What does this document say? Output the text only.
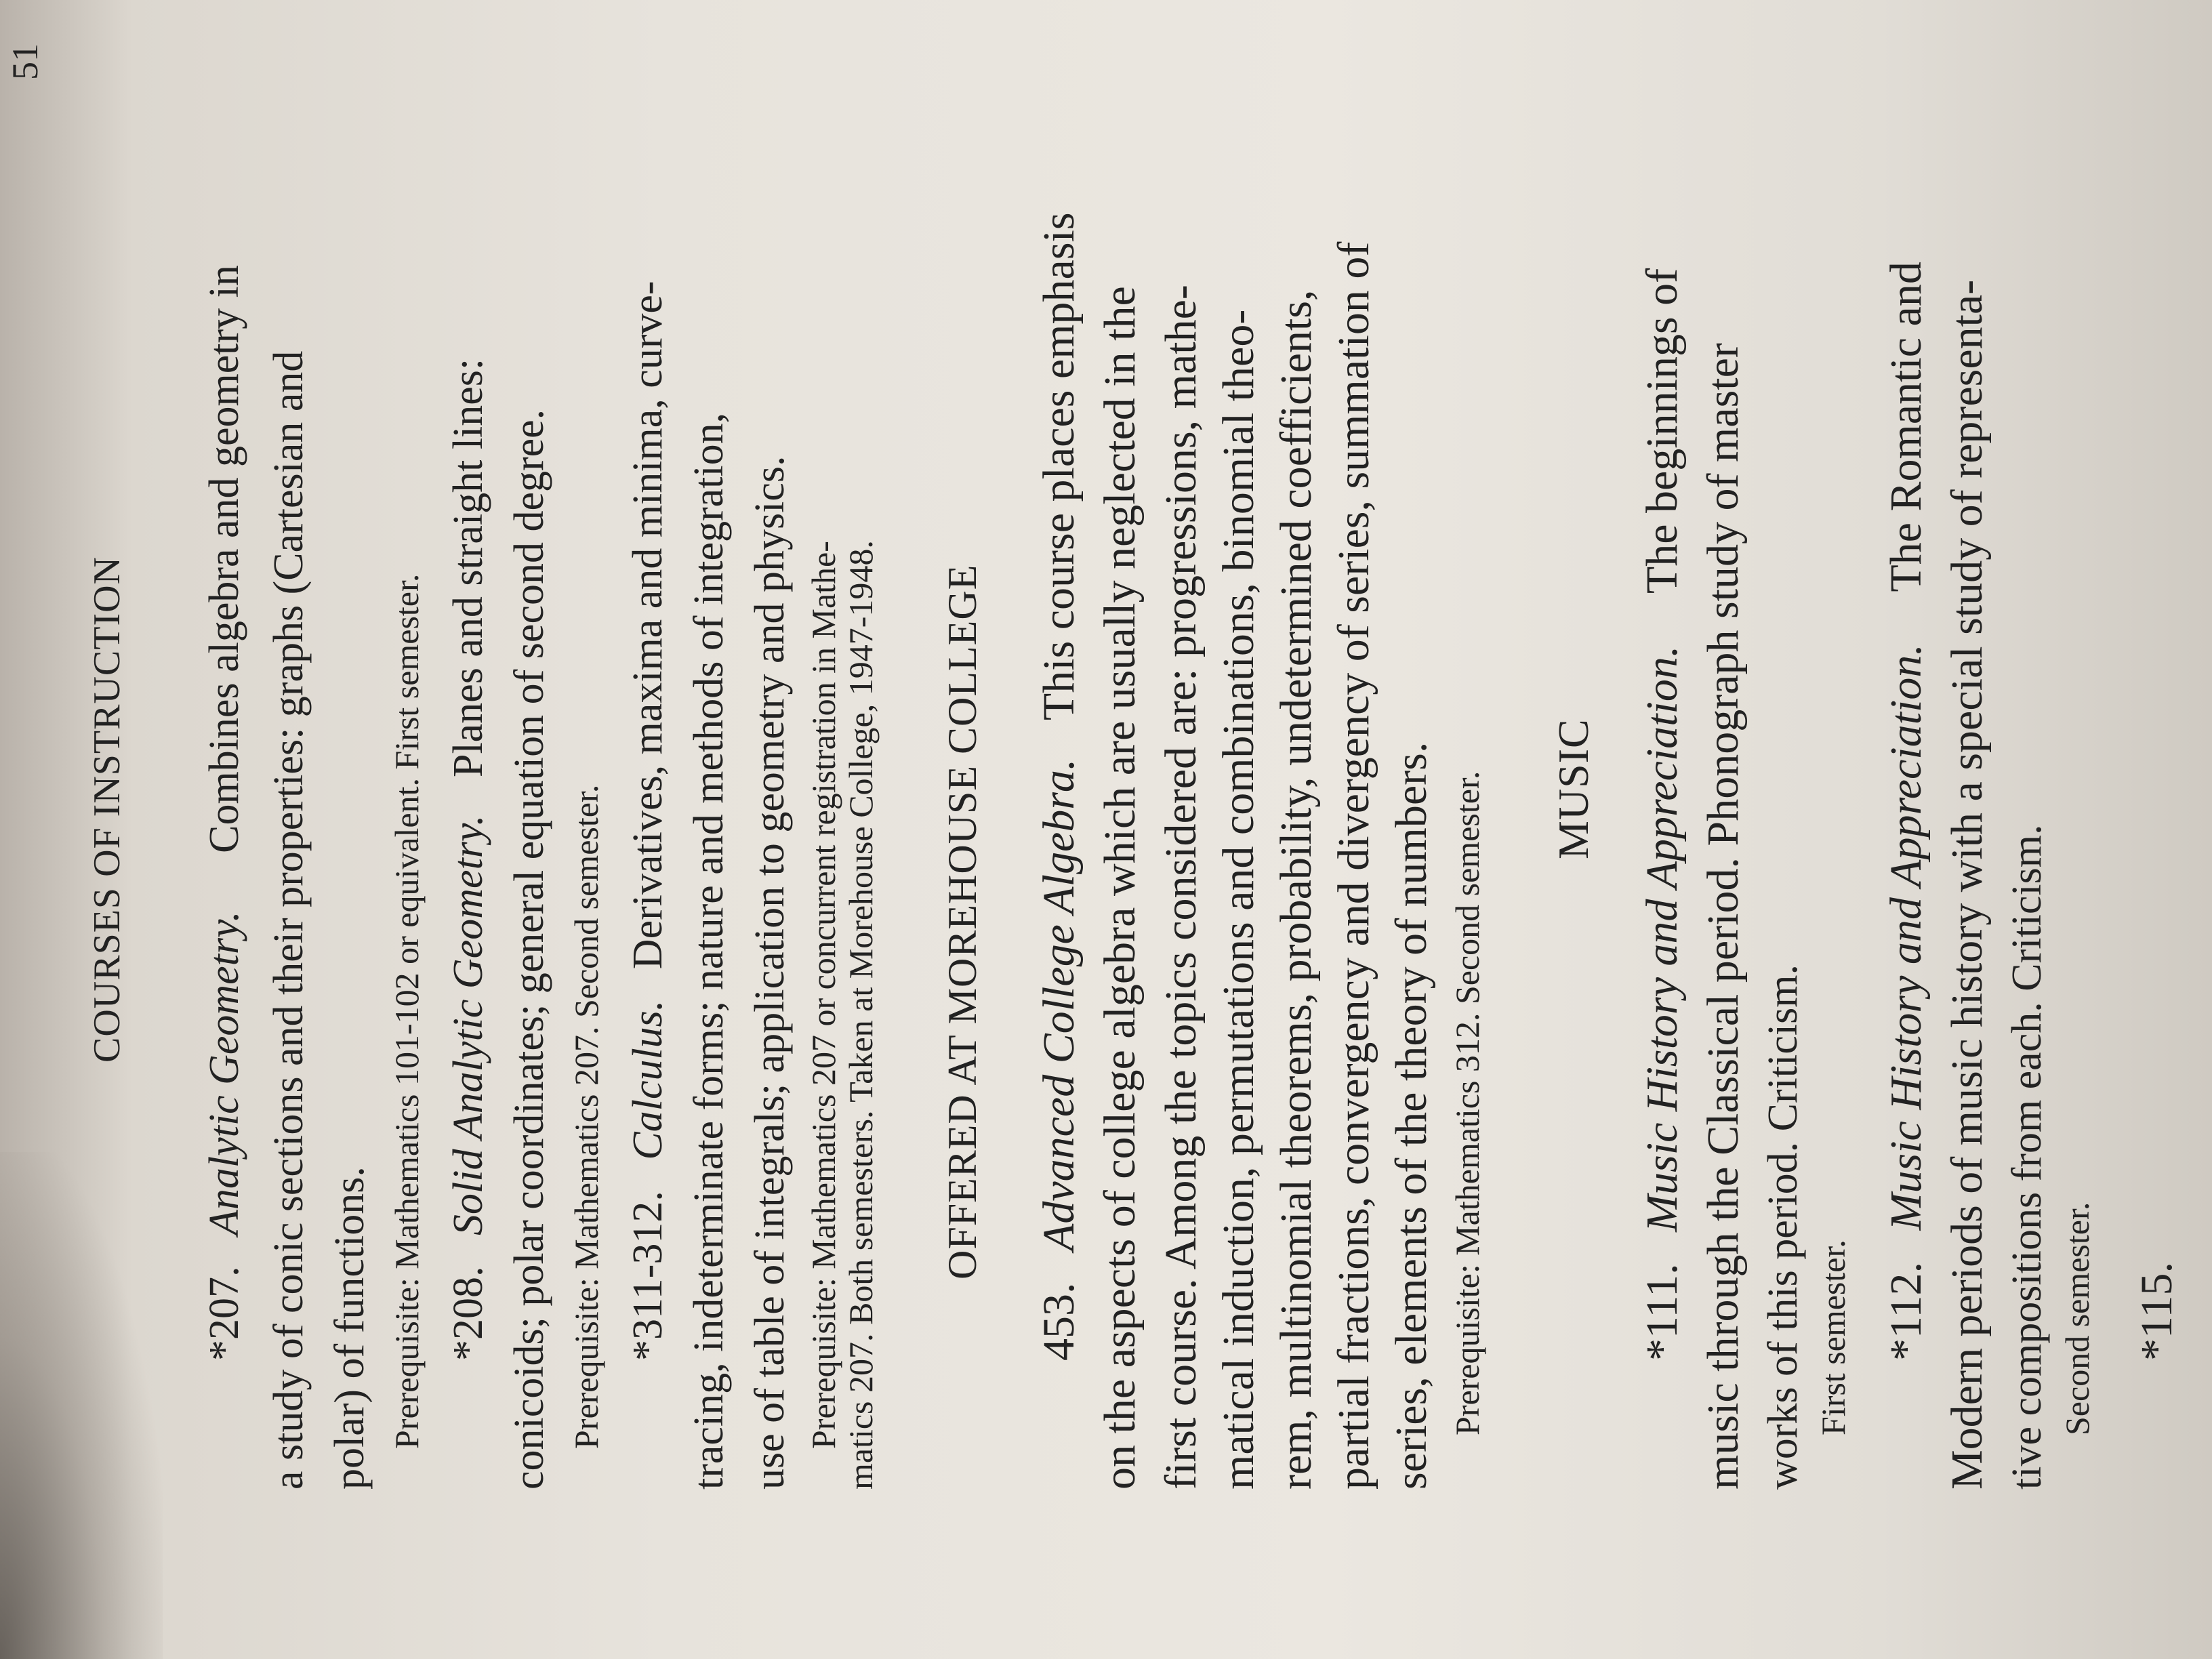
51
COURSES OF INSTRUCTION
*207. Analytic Geometry. Combines algebra and geometry in a study of conic sections and their properties: graphs (Cartesian and polar) of functions. Prerequisite: Mathematics 101-102 or equivalent. First semester. *208. Solid Analytic Geometry. Planes and straight lines: conicoids; polar coordinates; general equation of second degree. Prerequisite: Mathematics 207. Second semester. *311-312. Calculus. Derivatives, maxima and minima, curve- tracing, indeterminate forms; nature and methods of integration, use of table of integrals; application to geometry and physics. Prerequisite: Mathematics 207 or concurrent registration in Mathe- matics 207. Both semesters. Taken at Morehouse College, 1947-1948. OFFERED AT MOREHOUSE COLLEGE
453. Advanced College Algebra. This course places emphasis on the aspects of college algebra which are usually neglected in the first course. Among the topics considered are: progressions, mathe- matical induction, permutations and combinations, binomial theo- rem, multinomial theorems, probability, undetermined coefficients, partial fractions, convergency and divergency of series, summation of series, elements of the theory of numbers. Prerequisite: Mathematics 312. Second semester. MUSIC
*111. Music History and Appreciation. The beginnings of music through the Classical period. Phonograph study of master works of this period. Criticism. First semester. *112. Music History and Appreciation. The Romantic and Modern periods of music history with a special study of representa- tive compositions from each. Criticism. Second semester. *115.
